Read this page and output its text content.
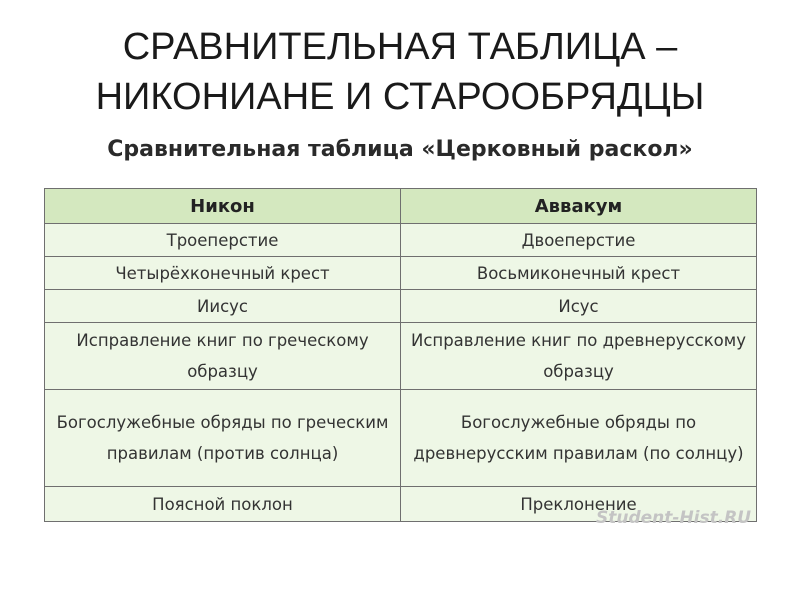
СРАВНИТЕЛЬНАЯ ТАБЛИЦА –
НИКОНИАНЕ И СТАРООБРЯДЦЫ
Сравнительная таблица «Церковный раскол»
Никон	Аввакум
Троеперстие	Двоеперстие
Четырёхконечный крест	Восьмиконечный крест
Иисус	Исус
Исправление книг по греческому образцу	Исправление книг по древнерусскому образцу
Богослужебные обряды по греческим правилам (против солнца)	Богослужебные обряды по древнерусским правилам (по солнцу)
Поясной поклон	Преклонение
Student-Hist.RU
